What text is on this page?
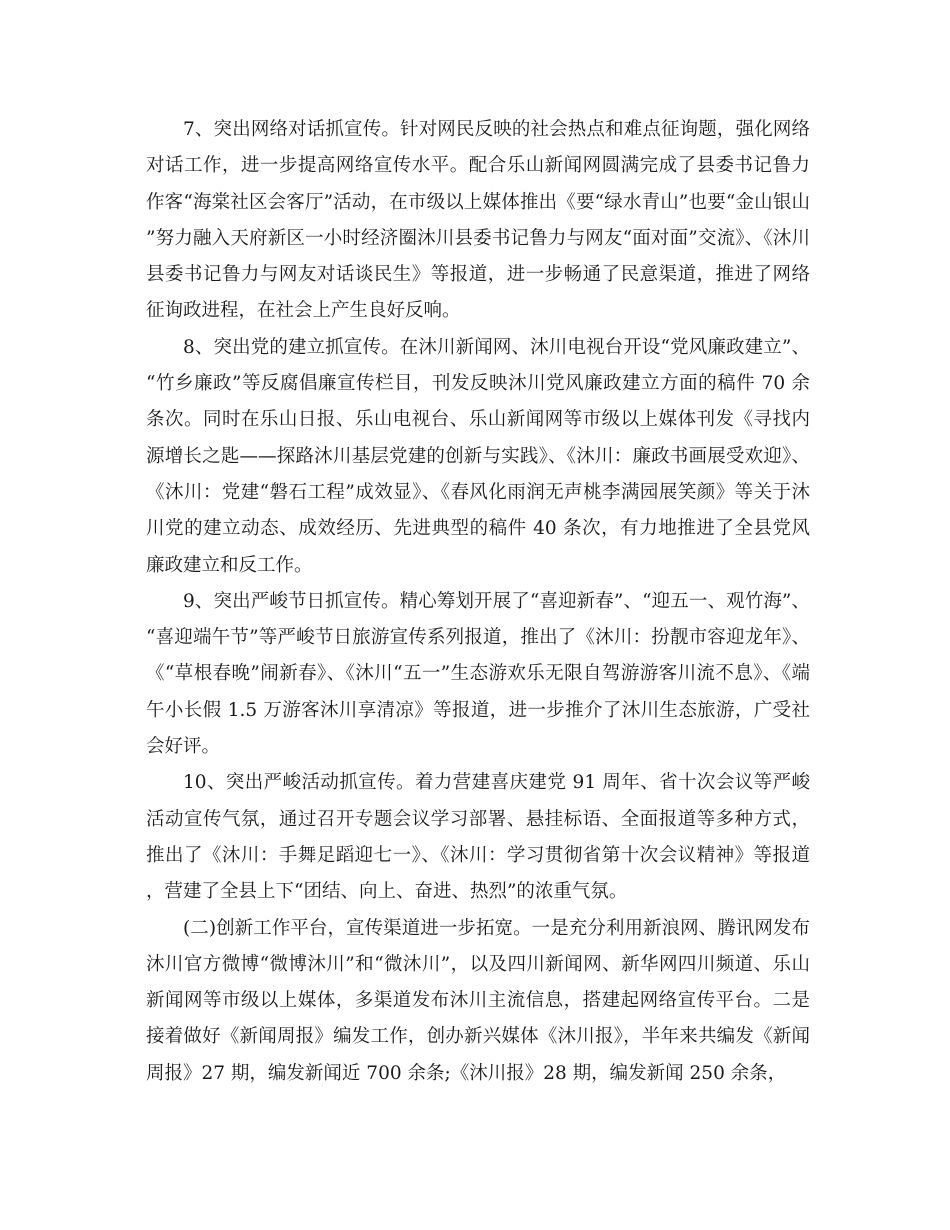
7、突出网络对话抓宣传。针对网民反映的社会热点和难点征询题，强化网络对话工作，进一步提高网络宣传水平。配合乐山新闻网圆满完成了县委书记鲁力作客“海棠社区会客厅”活动，在市级以上媒体推出《要“绿水青山”也要“金山银山”努力融入天府新区一小时经济圈沐川县委书记鲁力与网友“面对面”交流》、《沐川县委书记鲁力与网友对话谈民生》等报道，进一步畅通了民意渠道，推进了网络征询政进程，在社会上产生良好反响。

8、突出党的建立抓宣传。在沐川新闻网、沐川电视台开设“党风廉政建立”、“竹乡廉政”等反腐倡廉宣传栏目，刊发反映沐川党风廉政建立方面的稿件 70 余条次。同时在乐山日报、乐山电视台、乐山新闻网等市级以上媒体刊发《寻找内源增长之匙——探路沐川基层党建的创新与实践》、《沐川：廉政书画展受欢迎》、《沐川：党建“磐石工程”成效显》、《春风化雨润无声桃李满园展笑颜》等关于沐川党的建立动态、成效经历、先进典型的稿件 40 条次，有力地推进了全县党风廉政建立和反工作。

9、突出严峻节日抓宣传。精心筹划开展了“喜迎新春”、“迎五一、观竹海”、“喜迎端午节”等严峻节日旅游宣传系列报道，推出了《沐川：扮靓市容迎龙年》、《“草根春晚”闹新春》、《沐川“五一”生态游欢乐无限自驾游游客川流不息》、《端午小长假 1.5 万游客沐川享清凉》等报道，进一步推介了沐川生态旅游，广受社会好评。

10、突出严峻活动抓宣传。着力营建喜庆建党 91 周年、省十次会议等严峻活动宣传气氛，通过召开专题会议学习部署、悬挂标语、全面报道等多种方式，推出了《沐川：手舞足蹈迎七一》、《沐川：学习贯彻省第十次会议精神》等报道，营建了全县上下“团结、向上、奋进、热烈”的浓重气氛。

(二)创新工作平台，宣传渠道进一步拓宽。一是充分利用新浪网、腾讯网发布沐川官方微博“微博沐川”和“微沐川”，以及四川新闻网、新华网四川频道、乐山新闻网等市级以上媒体，多渠道发布沐川主流信息，搭建起网络宣传平台。二是接着做好《新闻周报》编发工作，创办新兴媒体《沐川报》，半年来共编发《新闻周报》27 期，编发新闻近 700 余条;《沐川报》28 期，编发新闻 250 余条，
